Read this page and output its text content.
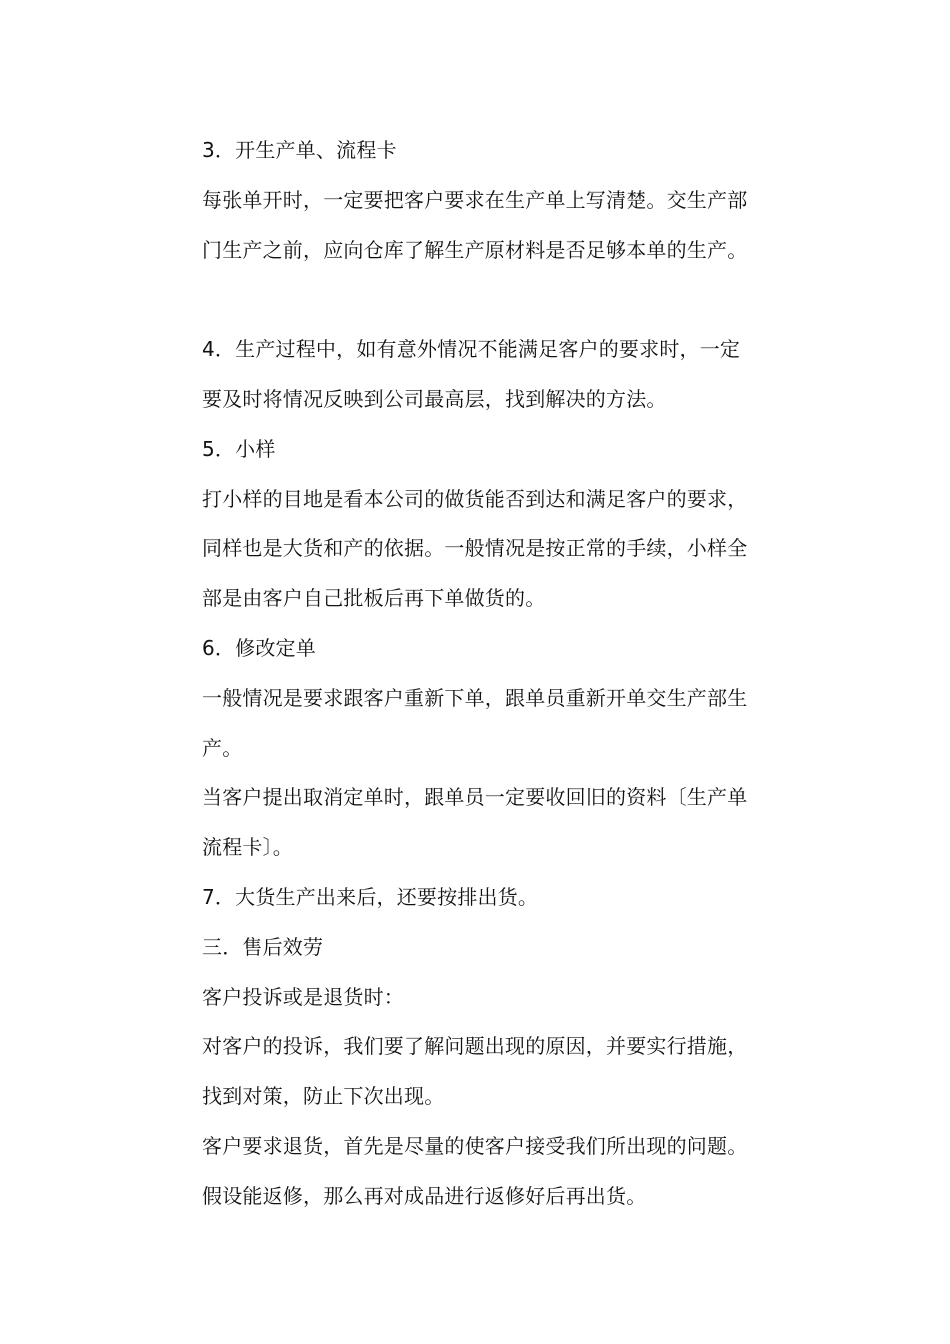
3．开生产单、流程卡
每张单开时，一定要把客户要求在生产单上写清楚。交生产部
门生产之前，应向仓库了解生产原材料是否足够本单的生产。
4．生产过程中，如有意外情况不能满足客户的要求时，一定
要及时将情况反映到公司最高层，找到解决的方法。
5．小样
打小样的目地是看本公司的做货能否到达和满足客户的要求，
同样也是大货和产的依据。一般情况是按正常的手续，小样全
部是由客户自己批板后再下单做货的。
6．修改定单
一般情况是要求跟客户重新下单，跟单员重新开单交生产部生
产。
当客户提出取消定单时，跟单员一定要收回旧的资料〔生产单
流程卡〕。
7．大货生产出来后，还要按排出货。
三．售后效劳
客户投诉或是退货时：
对客户的投诉，我们要了解问题出现的原因，并要实行措施，
找到对策，防止下次出现。
客户要求退货，首先是尽量的使客户接受我们所出现的问题。
假设能返修，那么再对成品进行返修好后再出货。
